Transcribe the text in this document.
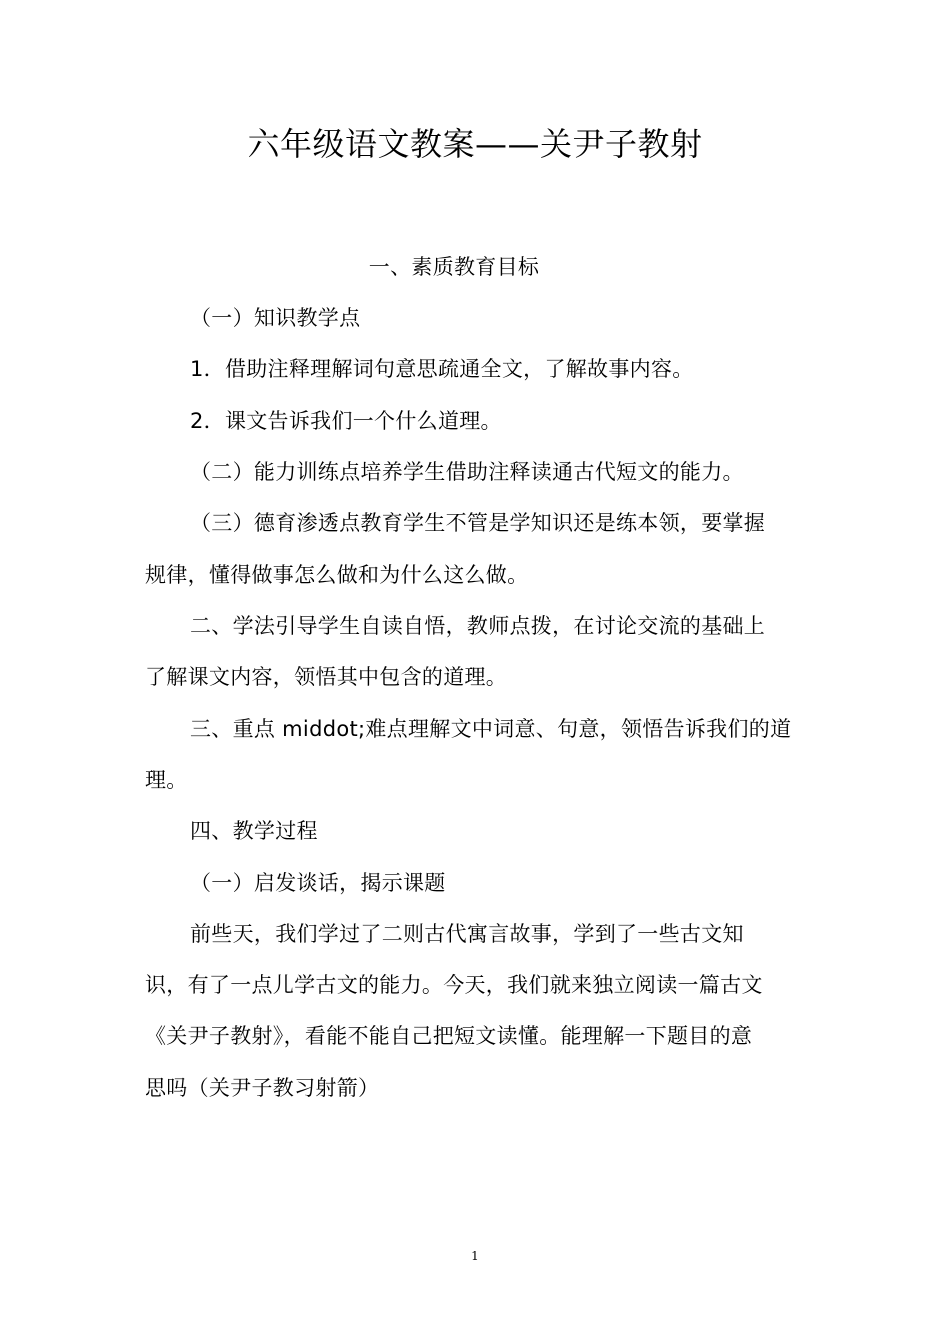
六年级语文教案——关尹子教射
一、素质教育目标
（一）知识教学点
1．借助注释理解词句意思疏通全文，了解故事内容。
2．课文告诉我们一个什么道理。
（二）能力训练点培养学生借助注释读通古代短文的能力。
（三）德育渗透点教育学生不管是学知识还是练本领，要掌握
规律，懂得做事怎么做和为什么这么做。
二、学法引导学生自读自悟，教师点拨，在讨论交流的基础上
了解课文内容，领悟其中包含的道理。
三、重点 middot;难点理解文中词意、句意，领悟告诉我们的道
理。
四、教学过程
（一）启发谈话，揭示课题
前些天，我们学过了二则古代寓言故事，学到了一些古文知
识，有了一点儿学古文的能力。今天，我们就来独立阅读一篇古文
《关尹子教射》，看能不能自己把短文读懂。能理解一下题目的意
思吗（关尹子教习射箭）
1
